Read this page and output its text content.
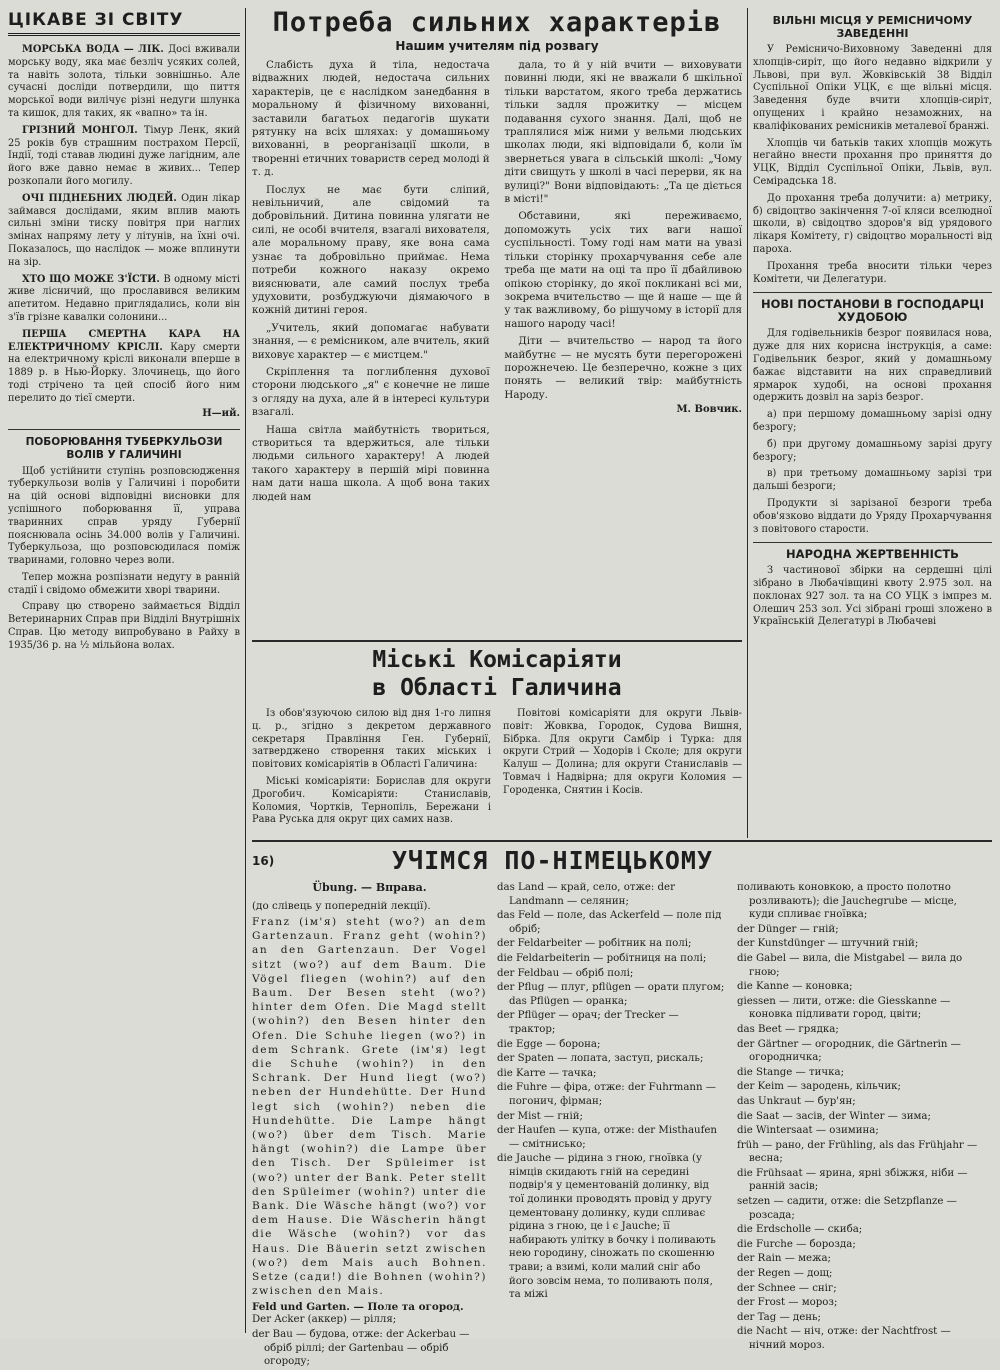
ЦІКАВЕ ЗІ СВІТУ

МОРСЬКА ВОДА — ЛІК. Досі вживали морську воду, яка має безліч усяких солей, та навіть золота, тільки зовнішньо. Але сучасні досліди потвердили, що пиття морської води вилічує різні недуги шлунка та кишок, для таких, як «вапно» та ін.

ГРІЗНИЙ МОНГОЛ. Тімур Ленк, який 25 років був страшним пострахом Персії, Індії, тоді ставав людині дуже лагідним, але його вже давно немає в живих... Тепер розкопали його могилу.

ОЧІ ПІДНЕБНИХ ЛЮДЕЙ. Один лікар займався дослідами, яким вплив мають сильні зміни тиску повітря при наглих змінах напряму лету у літунів, на їхні очі. Показалось, що наслідок — може вплинути на зір.

ХТО ЩО МОЖЕ З'ЇСТИ. В одному місті живе лісничий, що прославився великим апетитом. Недавно приглядались, коли він з'їв грізне кавалки солонини...

ПЕРША СМЕРТНА КАРА НА ЕЛЕКТРИЧНОМУ КРІСЛІ. Кару смерти на електричному кріслі виконали вперше в 1889 р. в Нью-Йорку. Злочинець, що його тоді стрічено та цей спосіб його ним перелито до тієї смерти.

Н—ий.
ПОБОРЮВАННЯ ТУБЕРКУЛЬОЗИ ВОЛІВ У ГАЛИЧИНІ

Щоб устійнити ступінь розповсюдження туберкульози волів у Галичині і поробити на цій основі відповідні висновки для успішного поборювання її, управа тваринних справ уряду Губернії пояснювала осінь 34.000 волів у Галичині. Туберкульоза, що розповсюдилася поміж тваринами, головно через воли.

Тепер можна розпізнати недугу в ранній стадії і свідомо обмежити хворі тварини.

Справу цю створено займається Відділ Ветеринарних Справ при Відділі Внутрішніх Справ. Цю методу випробувано в Райху в 1935/36 р. на ½ мільйона волах.

Потреба сильних характерів
Нашим учителям під розвагу

Слабість духа й тіла, недостача відважних людей, недостача сильних характерів, це є наслідком занедбання в моральному й фізичному вихованні, заставили багатьох педагогів шукати рятунку на всіх шляхах: у домашньому вихованні, в реорганізації школи, в творенні етичних товариств серед молоді й т. д.

Послух не має бути сліпий, невільничий, але свідомий та добровільний. Дитина повинна улягати не силі, не особі вчителя, взагалі вихователя, але моральному праву, яке вона сама узнає та добровільно приймає. Нема потреби кожного наказу окремо вияснювати, але самий послух треба удуховити, розбуджуючи діямаючого в кожній дитині героя.

„Учитель, який допомагає набувати знання, — є ремісником, але вчитель, який виховує характер — є мистцем."

Скріплення та поглиблення духової сторони людського „я" є конечне не лише з огляду на духа, але й в інтересі культури взагалі.

Наша світла майбутність твориться, створиться та вдержиться, але тільки людьми сильного характеру! А людей такого характеру в першій мірі повинна нам дати наша школа. А щоб вона таких людей нам

дала, то й у ній вчити — виховувати повинні люди, які не вважали б шкільної тільки варстатом, якого треба держатись тільки задля прожитку — місцем подавання сухого знання. Далі, щоб не траплялися між ними у вельми людських школах люди, які відповідали б, коли їм звернеться увага в сільській школі: „Чому діти свищуть у школі в часі перерви, як на вулиці?" Вони відповідають: „Та це діється в місті!"

Обставини, які переживаємо, допоможуть усіх тих ваги нашої суспільності. Тому годі нам мати на увазі тільки сторінку прохарчування себе але треба ще мати на оці та про її дбайливою опікою сторінку, до якої покликані всі ми, зокрема вчительство — ще й наше — ще й у так важливому, бо рішучому в історії для нашого народу часі!

Діти — вчительство — народ та його майбутнє — не мусять бути перегорожені порожнечею. Це безперечно, кожне з цих понять — великий твір: майбутність Народу.

М. Вовчик.
ВІЛЬНІ МІСЦЯ У РЕМІСНИЧОМУ ЗАВЕДЕННІ

У Ремісничо-Виховному Заведенні для хлопців-сиріт, що його недавно відкрили у Львові, при вул. Жовківській 38 Відділ Суспільної Опіки УЦК, є ще вільні місця. Заведення буде вчити хлопців-сиріт, опущених і крайно незаможних, на кваліфікованих ремісників металевої бранжі.

Хлопців чи батьків таких хлопців можуть негайно внести прохання про приняття до УЦК, Відділ Суспільної Опіки, Львів, вул. Семірадська 18.

До прохання треба долучити: а) метрику, б) свідоцтво закінчення 7-ої кляси вселюдної школи, в) свідоцтво здоров'я від урядового лікаря Комітету, г) свідоцтво моральності від пароха.

Прохання треба вносити тільки через Комітети, чи Делегатури.

НОВІ ПОСТАНОВИ В ГОСПОДАРЦІ ХУДОБОЮ

Для годівельників безрог появилася нова, дуже для них корисна інструкція, а саме: Годівельник безрог, який у домашньому бажає відставити на них справедливий ярмарок худобі, на основі прохання одержить дозвіл на заріз безрог.

а) при першому домашньому зарізі одну безрогу;

б) при другому домашньому зарізі другу безрогу;

в) при третьому домашньому зарізі три дальші безроги;

Продукти зі зарізаної безроги треба обов'язково віддати до Уряду Прохарчування з повітового старости.

НАРОДНА ЖЕРТВЕННІСТЬ

З частинової збірки на сердешні цілі зібрано в Любачівщині квоту 2.975 зол. на поклонах 927 зол. та на СО УЦК з імпрез м. Олешич 253 зол. Усі зібрані гроші зложено в Українській Делегатурі в Любачеві

Міські Комісаріяти
в Області Галичина

Із обов'язуючою силою від дня 1-го липня ц. р., згідно з декретом державного секретаря Правління Ген. Губернії, затверджено створення таких міських і повітових комісаріятів в Області Галичина:

Міські комісаріяти: Борислав для округи Дрогобич. Комісаріяти: Станиславів, Коломия, Чортків, Тернопіль, Бережани і Рава Руська для округ цих самих назв.

Повітові комісаріяти для округи Львів-повіт: Жовква, Городок, Судова Вишня, Бібрка. Для округи Самбір і Турка: для округи Стрий — Ходорів і Сколе; для округи Калуш — Долина; для округи Станиславів — Товмач і Надвірна; для округи Коломия — Городенка, Снятин і Косів.

16)	УЧІМСЯ ПО-НІМЕЦЬКОМУ
Übung. — Вправа.
(до слівець у попередній лекції).

Franz (ім'я) steht (wo?) an dem Gartenzaun. Franz geht (wohin?) an den Gartenzaun. Der Vogel sitzt (wo?) auf dem Baum. Die Vögel fliegen (wohin?) auf den Baum. Der Besen steht (wo?) hinter dem Ofen. Die Magd stellt (wohin?) den Besen hinter den Ofen. Die Schuhe liegen (wo?) in dem Schrank. Grete (ім'я) legt die Schuhe (wohin?) in den Schrank. Der Hund liegt (wo?) neben der Hundehütte. Der Hund legt sich (wohin?) neben die Hundehütte. Die Lampe hängt (wo?) über dem Tisch. Marie hängt (wohin?) die Lampe über den Tisch. Der Spüleimer ist (wo?) unter der Bank. Peter stellt den Spüleimer (wohin?) unter die Bank. Die Wäsche hängt (wo?) vor dem Hause. Die Wäscherin hängt die Wäsche (wohin?) vor das Haus. Die Bäuerin setzt zwischen (wo?) dem Mais auch Bohnen. Setze (сади!) die Bohnen (wohin?) zwischen den Mais.

Feld und Garten. — Поле та огород.

Der Acker (аккер) — рілля;

der Bau — будова, отже: der Ackerbau — обріб ріллі; der Gartenbau — обріб огороду;

das Land — край, село, отже: der Landmann — селянин;

das Feld — поле, das Ackerfeld — поле під обріб;

der Feldarbeiter — робітник на полі;

die Feldarbeiterin — робітниця на полі;

der Feldbau — обріб полі;

der Pflug — плуг, pflügen — орати плугом; das Pflügen — оранка;

der Pflüger — орач; der Trecker — трактор;

die Egge — борона;

der Spaten — лопата, заступ, рискаль;

die Karre — тачка;

die Fuhre — фіра, отже: der Fuhrmann — погонич, фірман;

der Mist — гній;

der Haufen — купа, отже: der Misthaufen — смітнисько;

die Jauche — рідина з гною, гноївка (у німців скидають гній на середині подвір'я у цементованій долинку, від тої долинки проводять провід у другу цементовану долинку, куди спливає рідина з гною, це і є Jauche; її набирають улітку в бочку і поливають нею городину, сіножать по скошенню трави; а взимі, коли малий сніг або його зовсім нема, то поливають поля, та міжі

поливають коновкою, а просто полотно розливають); die Jauchegrube — місце, куди спливає гноївка;

der Dünger — гній;

der Kunstdünger — штучний гній;

die Gabel — вила, die Mistgabel — вила до гною;

die Kanne — коновка;

giessen — лити, отже: die Giesskanne — коновка підливати город, цвіти;

das Beet — грядка;

der Gärtner — огородник, die Gärtnerin — огородничка;

die Stange — тичка;

der Keim — зародень, кільчик;

das Unkraut — бур'ян;

die Saat — засів, der Winter — зима;

die Wintersaat — озимина;

früh — рано, der Frühling, als das Frühjahr — весна;

die Frühsaat — ярина, ярні збіжжя, ніби — ранній засів;

setzen — садити, отже: die Setzpflanze — розсада;

die Erdscholle — скиба;

die Furche — борозда;

der Rain — межа;

der Regen — дощ;

der Schnee — сніг;

der Frost — мороз;

der Tag — день;

die Nacht — ніч, отже: der Nachtfrost — нічний мороз.
